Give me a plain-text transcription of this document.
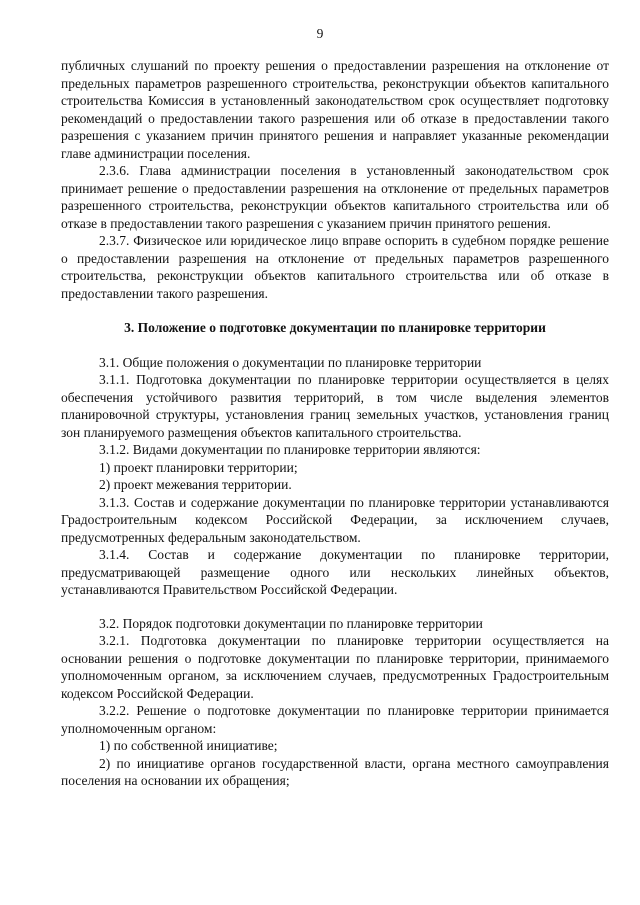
9

публичных слушаний по проекту решения о предоставлении разрешения на отклонение от предельных параметров разрешенного строительства, реконструкции объектов капитального строительства Комиссия в установленный законодательством срок осуществляет подготовку рекомендаций о предоставлении такого разрешения или об отказе в предоставлении такого разрешения с указанием причин принятого решения и направляет указанные рекомендации главе администрации поселения.

2.3.6. Глава администрации поселения в установленный законодательством срок принимает решение о предоставлении разрешения на отклонение от предельных параметров разрешенного строительства, реконструкции объектов капитального строительства или об отказе в предоставлении такого разрешения с указанием причин принятого решения.

2.3.7. Физическое или юридическое лицо вправе оспорить в судебном порядке решение о предоставлении разрешения на отклонение от предельных параметров разрешенного строительства, реконструкции объектов капитального строительства или об отказе в предоставлении такого разрешения.

3. Положение о подготовке документации по планировке территории

3.1. Общие положения о документации по планировке территории

3.1.1. Подготовка документации по планировке территории осуществляется в целях обеспечения устойчивого развития территорий, в том числе выделения элементов планировочной структуры, установления границ земельных участков, установления границ зон планируемого размещения объектов капитального строительства.

3.1.2. Видами документации по планировке территории являются:

1) проект планировки территории;

2) проект межевания территории.

3.1.3. Состав и содержание документации по планировке территории устанавливаются Градостроительным кодексом Российской Федерации, за исключением случаев, предусмотренных федеральным законодательством.

3.1.4. Состав и содержание документации по планировке территории, предусматривающей размещение одного или нескольких линейных объектов, устанавливаются Правительством Российской Федерации.

3.2. Порядок подготовки документации по планировке территории

3.2.1. Подготовка документации по планировке территории осуществляется на основании решения о подготовке документации по планировке территории, принимаемого уполномоченным органом, за исключением случаев, предусмотренных Градостроительным кодексом Российской Федерации.

3.2.2. Решение о подготовке документации по планировке территории принимается уполномоченным органом:

1) по собственной инициативе;

2) по инициативе органов государственной власти, органа местного самоуправления поселения на основании их обращения;
